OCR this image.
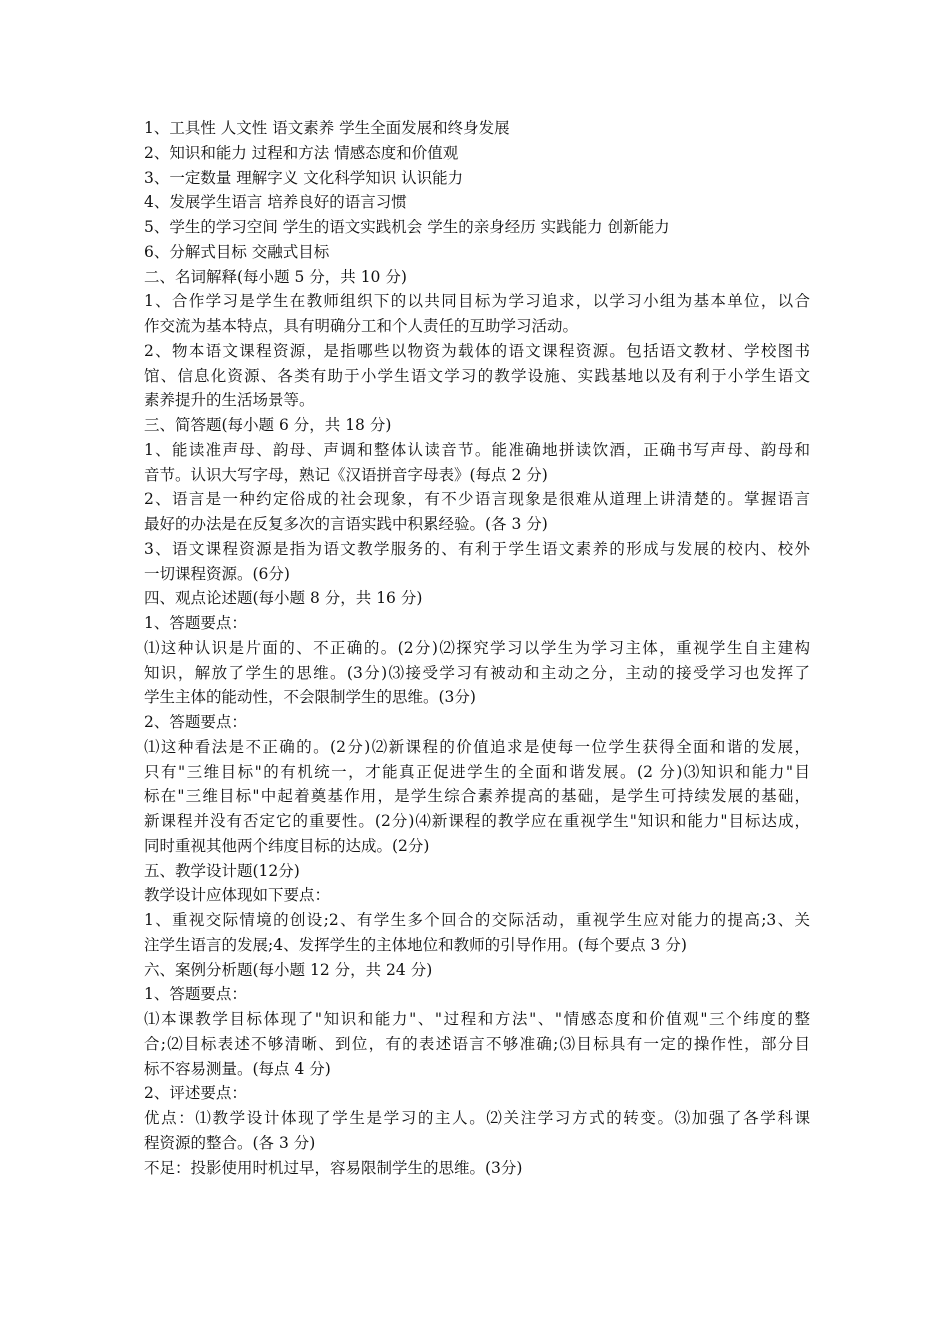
1、工具性 人文性 语文素养 学生全面发展和终身发展
2、知识和能力 过程和方法 情感态度和价值观
3、一定数量 理解字义 文化科学知识 认识能力
4、发展学生语言 培养良好的语言习惯
5、学生的学习空间 学生的语文实践机会 学生的亲身经历 实践能力 创新能力
6、分解式目标 交融式目标
二、名词解释(每小题 5 分，共 10 分)
1、合作学习是学生在教师组织下的以共同目标为学习追求，以学习小组为基本单位，以合
作交流为基本特点，具有明确分工和个人责任的互助学习活动。
2、物本语文课程资源，是指哪些以物资为载体的语文课程资源。包括语文教材、学校图书
馆、信息化资源、各类有助于小学生语文学习的教学设施、实践基地以及有利于小学生语文
素养提升的生活场景等。
三、简答题(每小题 6 分，共 18 分)
1、能读准声母、韵母、声调和整体认读音节。能准确地拼读饮酒，正确书写声母、韵母和
音节。认识大写字母，熟记《汉语拼音字母表》(每点 2 分)
2、语言是一种约定俗成的社会现象，有不少语言现象是很难从道理上讲清楚的。掌握语言
最好的办法是在反复多次的言语实践中积累经验。(各 3 分)
3、语文课程资源是指为语文教学服务的、有利于学生语文素养的形成与发展的校内、校外
一切课程资源。(6分)
四、观点论述题(每小题 8 分，共 16 分)
1、答题要点：
⑴这种认识是片面的、不正确的。(2分)⑵探究学习以学生为学习主体，重视学生自主建构
知识，解放了学生的思维。(3分)⑶接受学习有被动和主动之分，主动的接受学习也发挥了
学生主体的能动性，不会限制学生的思维。(3分)
2、答题要点：
⑴这种看法是不正确的。(2分)⑵新课程的价值追求是使每一位学生获得全面和谐的发展，
只有"三维目标"的有机统一，才能真正促进学生的全面和谐发展。(2 分)⑶知识和能力"目
标在"三维目标"中起着奠基作用，是学生综合素养提高的基础，是学生可持续发展的基础，
新课程并没有否定它的重要性。(2分)⑷新课程的教学应在重视学生"知识和能力"目标达成，
同时重视其他两个纬度目标的达成。(2分)
五、教学设计题(12分)
教学设计应体现如下要点：
1、重视交际情境的创设;2、有学生多个回合的交际活动，重视学生应对能力的提高;3、关
注学生语言的发展;4、发挥学生的主体地位和教师的引导作用。(每个要点 3 分)
六、案例分析题(每小题 12 分，共 24 分)
1、答题要点：
⑴本课教学目标体现了"知识和能力"、"过程和方法"、"情感态度和价值观"三个纬度的整
合;⑵目标表述不够清晰、到位，有的表述语言不够准确;⑶目标具有一定的操作性，部分目
标不容易测量。(每点 4 分)
2、评述要点：
优点：⑴教学设计体现了学生是学习的主人。⑵关注学习方式的转变。⑶加强了各学科课
程资源的整合。(各 3 分)
不足：投影使用时机过早，容易限制学生的思维。(3分)
